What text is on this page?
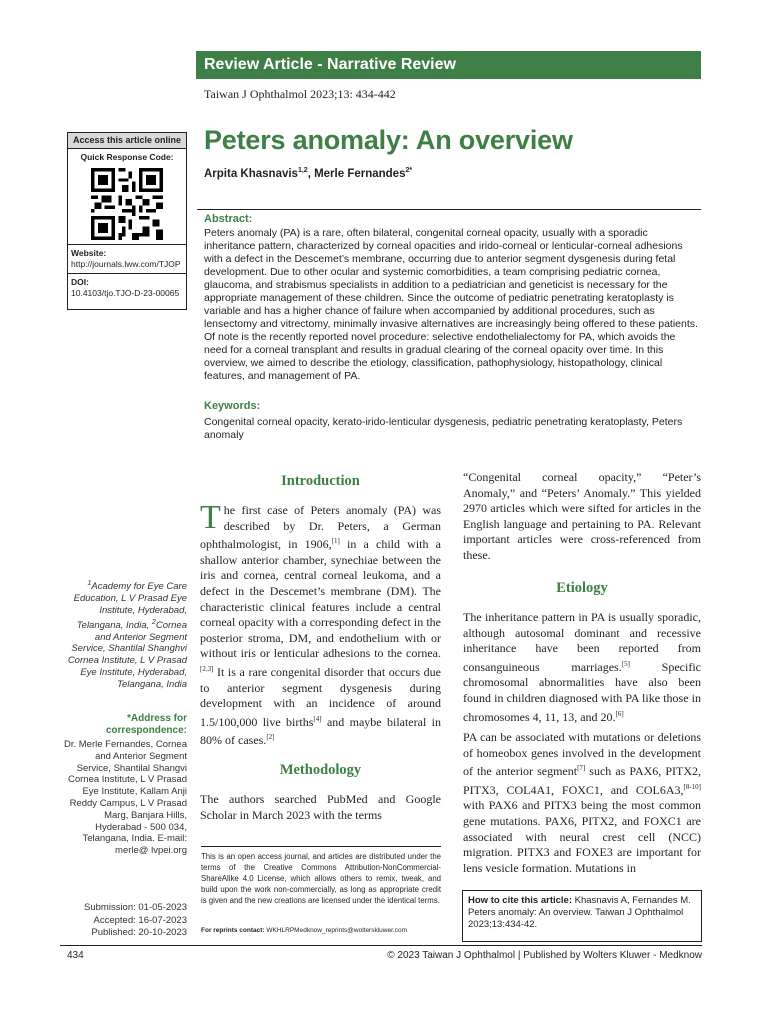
Review Article - Narrative Review
Taiwan J Ophthalmol 2023;13: 434-442
Access this article online
Quick Response Code:
Website:
http://journals.lww.com/TJOP
DOI:
10.4103/tjo.TJO-D-23-00065
Peters anomaly: An overview
Arpita Khasnavis$^{1,2}$, Merle Fernandes$^{2*}$
Abstract:
Peters anomaly (PA) is a rare, often bilateral, congenital corneal opacity, usually with a sporadic inheritance pattern, characterized by corneal opacities and irido-corneal or lenticular-corneal adhesions with a defect in the Descemet’s membrane, occurring due to anterior segment dysgenesis during fetal development. Due to other ocular and systemic comorbidities, a team comprising pediatric cornea, glaucoma, and strabismus specialists in addition to a pediatrician and geneticist is necessary for the appropriate management of these children. Since the outcome of pediatric penetrating keratoplasty is variable and has a higher chance of failure when accompanied by additional procedures, such as lensectomy and vitrectomy, minimally invasive alternatives are increasingly being offered to these patients. Of note is the recently reported novel procedure: selective endothelialectomy for PA, which avoids the need for a corneal transplant and results in gradual clearing of the corneal opacity over time. In this overview, we aimed to describe the etiology, classification, pathophysiology, histopathology, clinical features, and management of PA.
Keywords:
Congenital corneal opacity, kerato-irido-lenticular dysgenesis, pediatric penetrating keratoplasty, Peters anomaly
Introduction
The first case of Peters anomaly (PA) was described by Dr. Peters, a German ophthalmologist, in 1906,[1] in a child with a shallow anterior chamber, synechiae between the iris and cornea, central corneal leukoma, and a defect in the Descemet’s membrane (DM). The characteristic clinical features include a central corneal opacity with a corresponding defect in the posterior stroma, DM, and endothelium with or without iris or lenticular adhesions to the cornea.[2,3] It is a rare congenital disorder that occurs due to anterior segment dysgenesis during development with an incidence of around 1.5/100,000 live births[4] and maybe bilateral in 80% of cases.[2]
Methodology
The authors searched PubMed and Google Scholar in March 2023 with the terms
“Congenital corneal opacity,” “Peter’s Anomaly,” and “Peters’ Anomaly.” This yielded 2970 articles which were sifted for articles in the English language and pertaining to PA. Relevant important articles were cross-referenced from these.
Etiology
The inheritance pattern in PA is usually sporadic, although autosomal dominant and recessive inheritance have been reported from consanguineous marriages.[5] Specific chromosomal abnormalities have also been found in children diagnosed with PA like those in chromosomes 4, 11, 13, and 20.[6]
PA can be associated with mutations or deletions of homeobox genes involved in the development of the anterior segment[7] such as PAX6, PITX2, PITX3, COL4A1, FOXC1, and COL6A3,[8-10] with PAX6 and PITX3 being the most common gene mutations. PAX6, PITX2, and FOXC1 are associated with neural crest cell (NCC) migration. PITX3 and FOXE3 are important for lens vesicle formation. Mutations in
$^1$Academy for Eye Care Education, L V Prasad Eye Institute, Hyderabad, Telangana, India, $^2$Cornea and Anterior Segment Service, Shantilal Shanghvi Cornea Institute, L V Prasad Eye Institute, Hyderabad, Telangana, India
*Address for correspondence:
Dr. Merle Fernandes, Cornea and Anterior Segment Service, Shantilal Shangvi Cornea Institute, L V Prasad Eye Institute, Kallam Anji Reddy Campus, L V Prasad Marg, Banjara Hills, Hyderabad - 500 034, Telangana, India. E-mail: merle@ lvpei.org
Submission: 01-05-2023
Accepted: 16-07-2023
Published: 20-10-2023
This is an open access journal, and articles are distributed under the terms of the Creative Commons Attribution-NonCommercial-ShareAlike 4.0 License, which allows others to remix, tweak, and build upon the work non-commercially, as long as appropriate credit is given and the new creations are licensed under the identical terms.
For reprints contact: WKHLRPMedknow_reprints@wolterskluwer.com
How to cite this article: Khasnavis A, Fernandes M. Peters anomaly: An overview. Taiwan J Ophthalmol 2023;13:434-42.
434	© 2023 Taiwan J Ophthalmol | Published by Wolters Kluwer - Medknow
